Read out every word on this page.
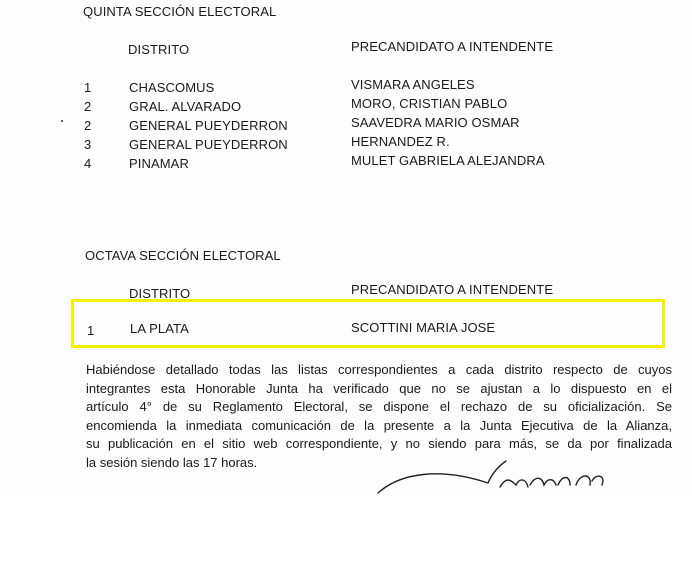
QUINTA SECCIÓN ELECTORAL
DISTRITO	PRECANDIDATO A INTENDENTE
1	CHASCOMUS	VISMARA ANGELES
2	GRAL. ALVARADO	MORO, CRISTIAN PABLO
2	GENERAL PUEYDERRON	SAAVEDRA MARIO OSMAR
3	GENERAL PUEYDERRON	HERNANDEZ R.
4	PINAMAR	MULET GABRIELA ALEJANDRA
OCTAVA SECCIÓN ELECTORAL
DISTRITO	PRECANDIDATO A INTENDENTE
1	LA PLATA	SCOTTINI MARIA JOSE
Habiéndose detallado todas las listas correspondientes a cada distrito respecto de cuyos
integrantes esta Honorable Junta ha verificado que no se ajustan a lo dispuesto en el
artículo 4° de su Reglamento Electoral, se dispone el rechazo de su oficialización. Se
encomienda la inmediata comunicación de la presente a la Junta Ejecutiva de la Alianza,
su publicación en el sitio web correspondiente, y no siendo para más, se da por finalizada
la sesión siendo las 17 horas.
